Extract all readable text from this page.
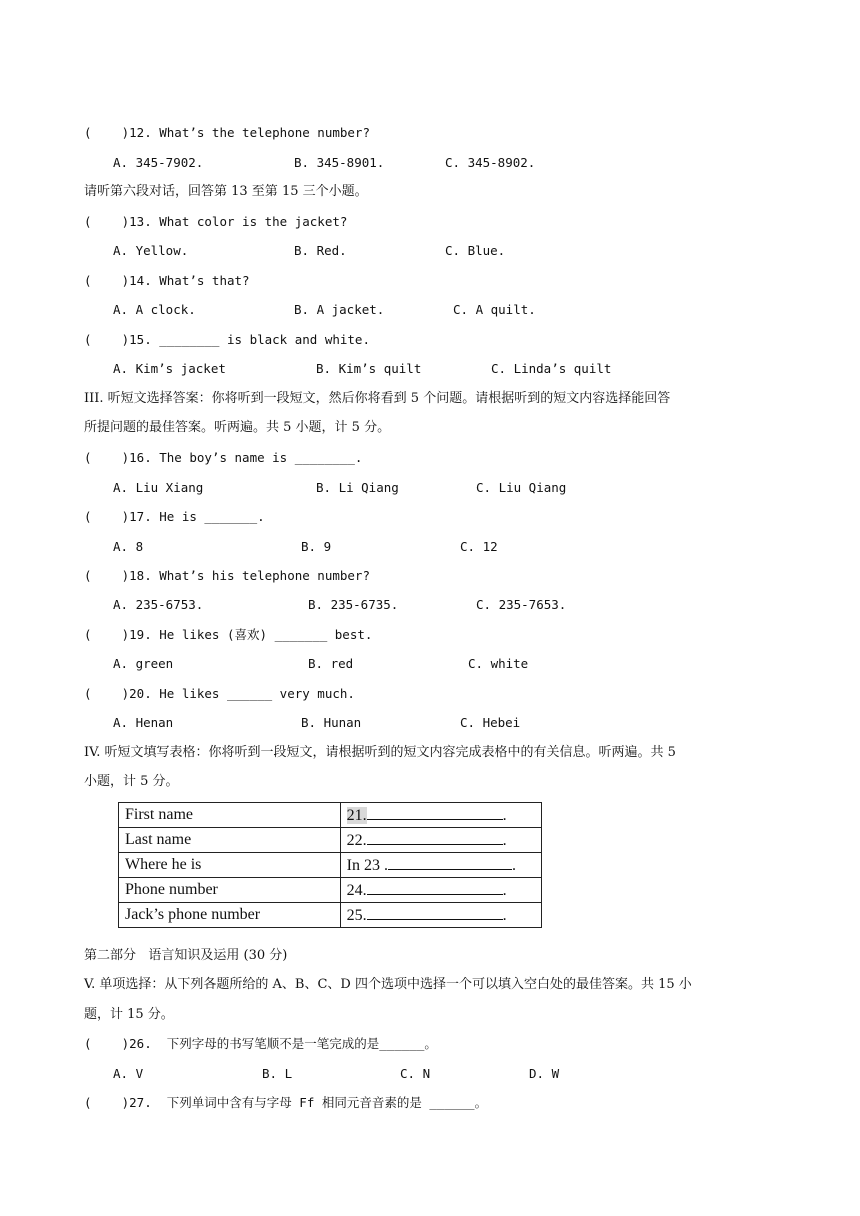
(    )12. What’s the telephone number?
A. 345-7902.	B. 345-8901.	C. 345-8902.
请听第六段对话，回答第 13 至第 15 三个小题。
(    )13. What color is the jacket?
A. Yellow.	B. Red.	C. Blue.
(    )14. What’s that?
A. A clock.	B. A jacket.	C. A quilt.
(    )15. ________ is black and white.
A. Kim’s jacket	B. Kim’s quilt	C. Linda’s quilt
III. 听短文选择答案：你将听到一段短文，然后你将看到 5 个问题。请根据听到的短文内容选择能回答
所提问题的最佳答案。听两遍。共 5 小题，计 5 分。
(    )16. The boy’s name is ________.
A. Liu Xiang	B. Li Qiang	C. Liu Qiang
(    )17. He is _______.
A. 8	B. 9	C. 12
(    )18. What’s his telephone number?
A. 235-6753.	B. 235-6735.	C. 235-7653.
(    )19. He likes (喜欢) _______ best.
A. green	B. red	C. white
(    )20. He likes ______ very much.
A. Henan	B. Hunan	C. Hebei
IV. 听短文填写表格：你将听到一段短文，请根据听到的短文内容完成表格中的有关信息。听两遍。共 5
小题，计 5 分。
First name	21. .
Last name	22. .
Where he is	In 23 . .
Phone number	24. .
Jack’s phone number	25. .
第二部分   语言知识及运用 (30 分)
V. 单项选择：从下列各题所给的 A、B、C、D 四个选项中选择一个可以填入空白处的最佳答案。共 15 小
题，计 15 分。
(    )26.  下列字母的书写笔顺不是一笔完成的是______。
A. V	B. L	C. N	D. W
(    )27.  下列单词中含有与字母 Ff 相同元音音素的是 ______。
